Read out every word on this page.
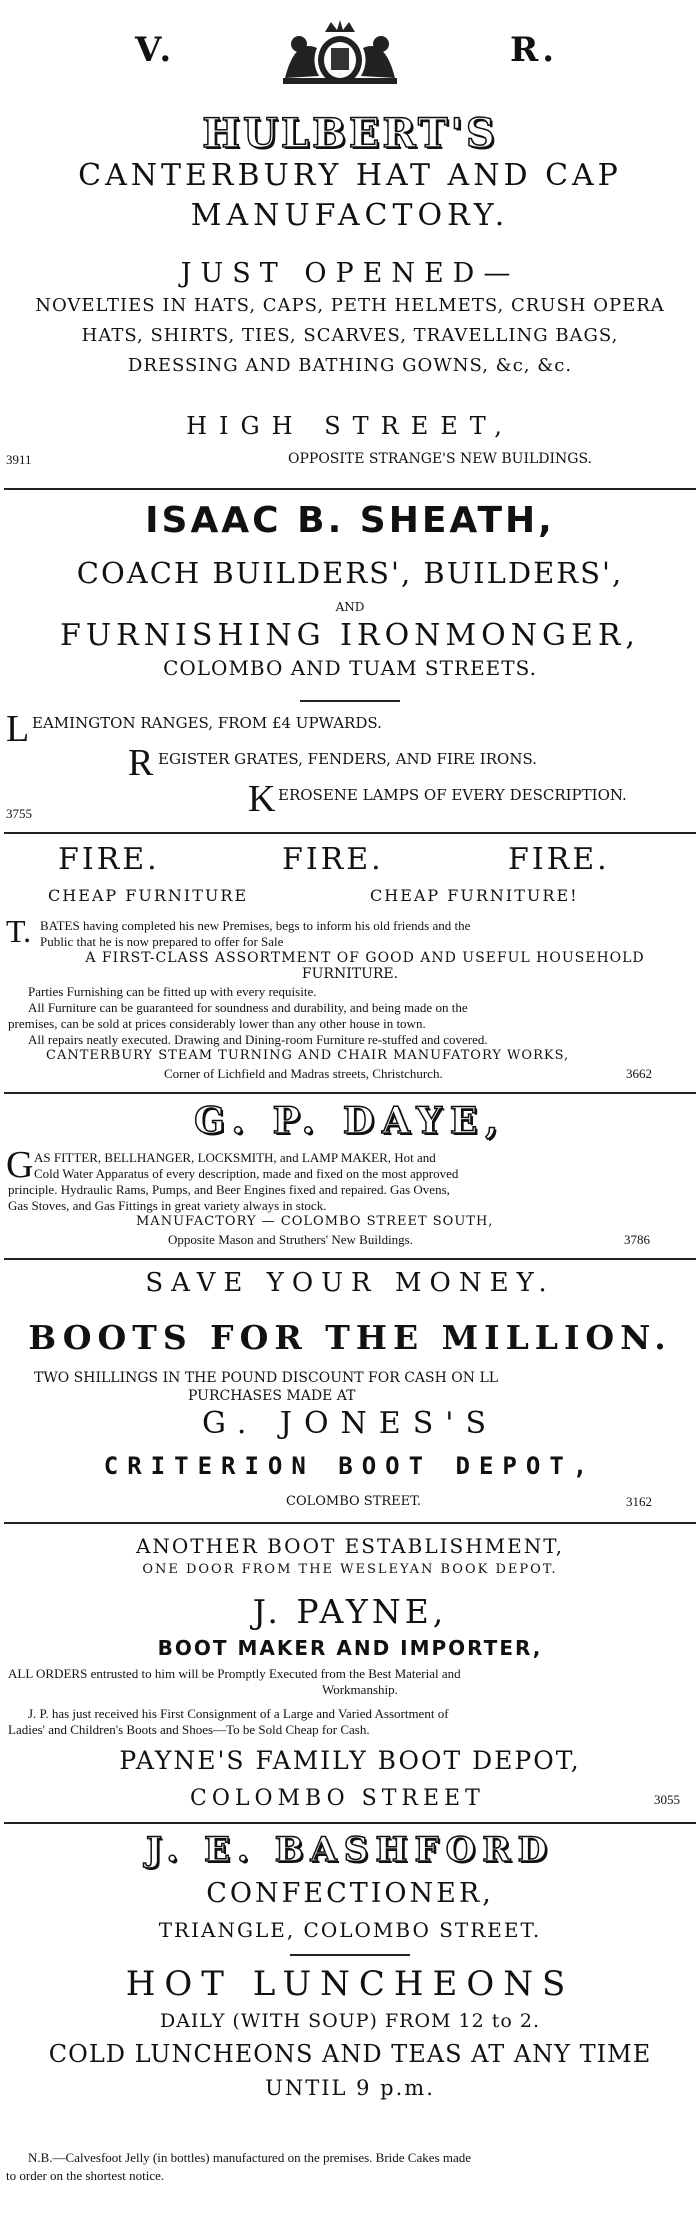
V.	R.
HULBERT'S
CANTERBURY HAT AND CAP
MANUFACTORY.
JUST OPENED—
NOVELTIES IN HATS, CAPS, PETH HELMETS, CRUSH OPERA
HATS, SHIRTS, TIES, SCARVES, TRAVELLING BAGS,
DRESSING AND BATHING GOWNS, &c, &c.
HIGH STREET,
3911	OPPOSITE STRANGE'S NEW BUILDINGS.
ISAAC B. SHEATH,
COACH BUILDERS', BUILDERS',
AND
FURNISHING IRONMONGER,
COLOMBO AND TUAM STREETS.
L EAMINGTON RANGES, FROM £4 UPWARDS.
R EGISTER GRATES, FENDERS, AND FIRE IRONS.
K EROSENE LAMPS OF EVERY DESCRIPTION.
3755
FIRE.	FIRE.	FIRE.
CHEAP FURNITURE	CHEAP FURNITURE!
T. BATES having completed his new Premises, begs to inform his old friends and the
Public that he is now prepared to offer for Sale
A FIRST-CLASS ASSORTMENT OF GOOD AND USEFUL HOUSEHOLD
FURNITURE.
Parties Furnishing can be fitted up with every requisite.
All Furniture can be guaranteed for soundness and durability, and being made on the
premises, can be sold at prices considerably lower than any other house in town.
All repairs neatly executed. Drawing and Dining-room Furniture re-stuffed and covered.
CANTERBURY STEAM TURNING AND CHAIR MANUFATORY WORKS,
Corner of Lichfield and Madras streets, Christchurch.	3662
G. P. DAYE,
G AS FITTER, BELLHANGER, LOCKSMITH, and LAMP MAKER, Hot and
Cold Water Apparatus of every description, made and fixed on the most approved
principle. Hydraulic Rams, Pumps, and Beer Engines fixed and repaired. Gas Ovens,
Gas Stoves, and Gas Fittings in great variety always in stock.
MANUFACTORY — COLOMBO STREET SOUTH,
Opposite Mason and Struthers' New Buildings.	3786
SAVE YOUR MONEY.
BOOTS FOR THE MILLION.
TWO SHILLINGS IN THE POUND DISCOUNT FOR CASH ON LL
PURCHASES MADE AT
G. JONES'S
CRITERION BOOT DEPOT,
COLOMBO STREET.	3162
ANOTHER BOOT ESTABLISHMENT,
ONE DOOR FROM THE WESLEYAN BOOK DEPOT.
J. PAYNE,
BOOT MAKER AND IMPORTER,
ALL ORDERS entrusted to him will be Promptly Executed from the Best Material and
Workmanship.
J. P. has just received his First Consignment of a Large and Varied Assortment of
Ladies' and Children's Boots and Shoes—To be Sold Cheap for Cash.
PAYNE'S FAMILY BOOT DEPOT,
COLOMBO STREET	3055
J. E. BASHFORD
CONFECTIONER,
TRIANGLE, COLOMBO STREET.
HOT LUNCHEONS
DAILY (WITH SOUP) FROM 12 to 2.
COLD LUNCHEONS AND TEAS AT ANY TIME
UNTIL 9 p.m.
N.B.—Calvesfoot Jelly (in bottles) manufactured on the premises. Bride Cakes made
to order on the shortest notice.
